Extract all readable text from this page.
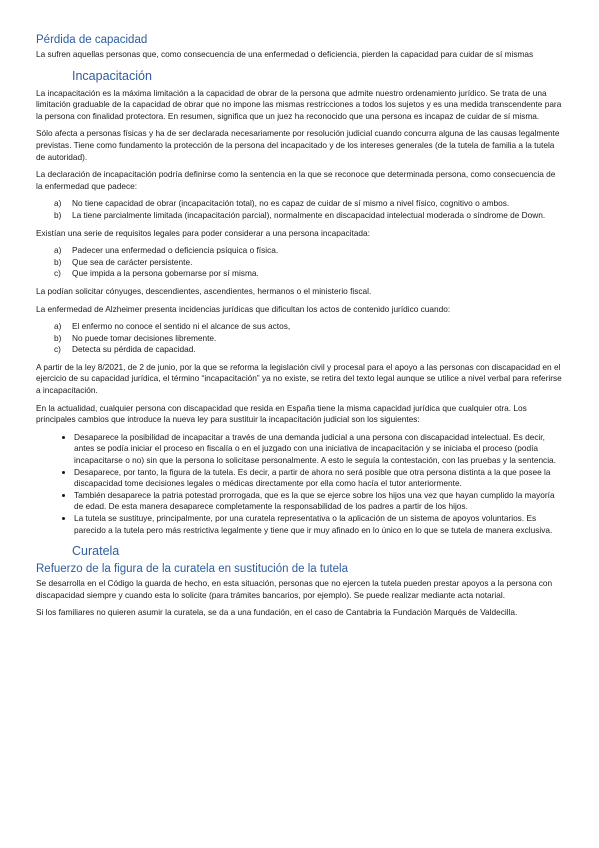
Pérdida de capacidad

La sufren aquellas personas que, como consecuencia de una enfermedad o deficiencia, pierden la capacidad para cuidar de sí mismas

Incapacitación

La incapacitación es la máxima limitación a la capacidad de obrar de la persona que admite nuestro ordenamiento jurídico. Se trata de una limitación graduable de la capacidad de obrar que no impone las mismas restricciones a todos los sujetos y es una medida transcendente para la persona con finalidad protectora. En resumen, significa que un juez ha reconocido que una persona es incapaz de cuidar de sí misma.

Sólo afecta a personas físicas y ha de ser declarada necesariamente por resolución judicial cuando concurra alguna de las causas legalmente previstas. Tiene como fundamento la protección de la persona del incapacitado y de los intereses generales (de la tutela de familia a la tutela de autoridad).

La declaración de incapacitación podría definirse como la sentencia en la que se reconoce que determinada persona, como consecuencia de la enfermedad que padece:

a) No tiene capacidad de obrar (incapacitación total), no es capaz de cuidar de sí mismo a nivel físico, cognitivo o ambos.
b) La tiene parcialmente limitada (incapacitación parcial), normalmente en discapacidad intelectual moderada o síndrome de Down.

Existían una serie de requisitos legales para poder considerar a una persona incapacitada:

a) Padecer una enfermedad o deficiencia psíquica o física.
b) Que sea de carácter persistente.
c) Que impida a la persona gobernarse por sí misma.

La podían solicitar cónyuges, descendientes, ascendientes, hermanos o el ministerio fiscal.

La enfermedad de Alzheimer presenta incidencias jurídicas que dificultan los actos de contenido jurídico cuando:

a) El enfermo no conoce el sentido ni el alcance de sus actos,
b) No puede tomar decisiones libremente.
c) Detecta su pérdida de capacidad.

A partir de la ley 8/2021, de 2 de junio, por la que se reforma la legislación civil y procesal para el apoyo a las personas con discapacidad en el ejercicio de su capacidad jurídica, el término “incapacitación” ya no existe, se retira del texto legal aunque se utilice a nivel verbal para referirse a incapacitación.

En la actualidad, cualquier persona con discapacidad que resida en España tiene la misma capacidad jurídica que cualquier otra. Los principales cambios que introduce la nueva ley para sustituir la incapacitación judicial son los siguientes:

• Desaparece la posibilidad de incapacitar a través de una demanda judicial a una persona con discapacidad intelectual. Es decir, antes se podía iniciar el proceso en fiscalía o en el juzgado con una iniciativa de incapacitación y se iniciaba el proceso (podía incapacitarse o no) sin que la persona lo solicitase personalmente. A esto le seguía la contestación, con las pruebas y la sentencia.
• Desaparece, por tanto, la figura de la tutela. Es decir, a partir de ahora no será posible que otra persona distinta a la que posee la discapacidad tome decisiones legales o médicas directamente por ella como hacía el tutor anteriormente.
• También desaparece la patria potestad prorrogada, que es la que se ejerce sobre los hijos una vez que hayan cumplido la mayoría de edad. De esta manera desaparece completamente la responsabilidad de los padres a partir de los hijos.
• La tutela se sustituye, principalmente, por una curatela representativa o la aplicación de un sistema de apoyos voluntarios. Es parecido a la tutela pero más restrictiva legalmente y tiene que ir muy afinado en lo único en lo que se tutela de manera exclusiva.
Curatela
Refuerzo de la figura de la curatela en sustitución de la tutela

Se desarrolla en el Código la guarda de hecho, en esta situación, personas que no ejercen la tutela pueden prestar apoyos a la persona con discapacidad siempre y cuando esta lo solicite (para trámites bancarios, por ejemplo). Se puede realizar mediante acta notarial.

Si los familiares no quieren asumir la curatela, se da a una fundación, en el caso de Cantabria la Fundación Marqués de Valdecilla.
